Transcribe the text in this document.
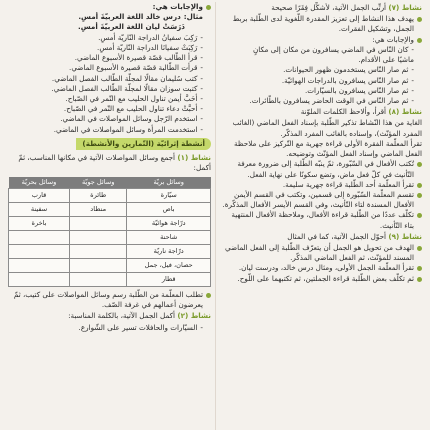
نشاط (٧) أرتِّب الجمل الآتية، لأشكِّل فِقَرًا صحيحة

يهدف هذا النشاط إلى تعزيز المقدرة اللّغوية لدى الطّلبة بربط الجمل، وتشكيل الفقرات.

والإجابات هي:

-
كان النّاس في الماضي يسافرون من مكان إلى مكانٍ
ماشيًا على الأقدام.
-
ثم صار النّاس يستخدمون ظهور الحيوانات.
-
ثم صار النّاس يسافرون بالدراجات الهوائيّة.
-
ثم صار النّاس يسافرون بالسيّارات.
-
ثم صار النّاس في الوقت الحاضر يسافرون بالطّائرات.
نشاط (٨) أقرأ، وألاحظ الكلمات الملوّنة

الغاية من هذا النّشاط تذكير الطّلبة بإسناد الفعل الماضي (الغائب المفرد المؤنّث)، وإسناده بالغائب المفرد المذكّر.

تقرأ المعلّمة الفقرة الأولى قراءة جهرية مع التّركيز على ملاحظة الفعل الماضي وإسناد الفعل المؤنّث وتوضيحه.

تُكتب الأفعال في السّبّورة، ثمّ ينبّه الطّلبة إلى ضرورة معرفة التّأنيث في كلّ فعل ماض، وتضع سكونًا على نهاية الفعل.

تقرأ المعلّمة أحد الطّلبة قراءة جهرية سليمة.

تقسم المعلّمة السّبّورة إلى قسمين، وتكتب في القسم الأيمن الأفعال المسندة لتاء التّأنيث، وفي القسم الأيسر الأفعال المذكّرة.

تكلّف عددًا من الطّلبة قراءة الأفعال، وملاحظة الأفعال المنتهية بتاء التّأنيث.

نشاط (٩) أحوّل الجمل الآتية، كما في المثال

الهدف من تحويل هو الجمل أن يتعرّف الطّلبة إلى الفعل الماضي المسند للمؤنّث، ثم الفعل الماضي المذكّر.

تقرأ المعلّمة الجمل الأولى، ومثال درس خالد، ودرست ليان.

ثم تكلّف بعض الطّلبة قراءة الجملتين، ثم تكتبهما على اللّوح.

والإجابات هي:

مثال:
درس خالد اللغة العربيّةَ أمسِ.
دَرَسَتْ ليان اللغة العربيّةَ أمسِ.
-
رَكِبَ سفيانُ الدراجة النّاريّة أمسِ.
-
رَكِبَتْ سفيانَا الدراجة النّاريّة أمسِ.
-
قرأ الطّالب قصّة قصيرة الأسبوع الماضي.
-
قرأت الطّالبة قصّة قصيرة الأسبوع الماضي.
-
كتب سُليمان مقالًا لمجلّة الطّالب الفصل الماضي.
-
كتبت سوزان مقالًا لمجلّة الطّالب الفصل الماضي.
-
أحَبَّ أيمن تناول الحليب مع التّمر في الصّباح.
-
أحبَّتْ دعاء تناول الحليب مع التّمر في الصّباح.
-
استخدم الرّجل وسائل المواصلات في الماضي.
-
استخدمت المرأة وسائل المواصلات في الماضي.
أنشطة إثرائيّة (التّمارين والأنشطة)
نشاط (١) أجمع وسائل المواصلات الآتية في مكانها المناسب، ثمّ أكمل:
وسائل بريّة	وسائل جويّة	وسائل بحريّة
سيّارة	طائرة	قارب
باص	منطاد	سفينة
درّاجة هوائيّة		باخرة
شاحنة		
درّاجة ناريّة		
حصان، فيل، جمل		
قطار		

تطلب المعلّمة من الطّلبة رسم وسائل المواصلات على كتيب، ثمّ يعرضون أعمالهم في غرفة الصّف.

نشاط (٢) أكمل الجمل الآتية، بالكلمة المناسبة:
-
السيّارات والحافلات تسير على الشّوارع.
